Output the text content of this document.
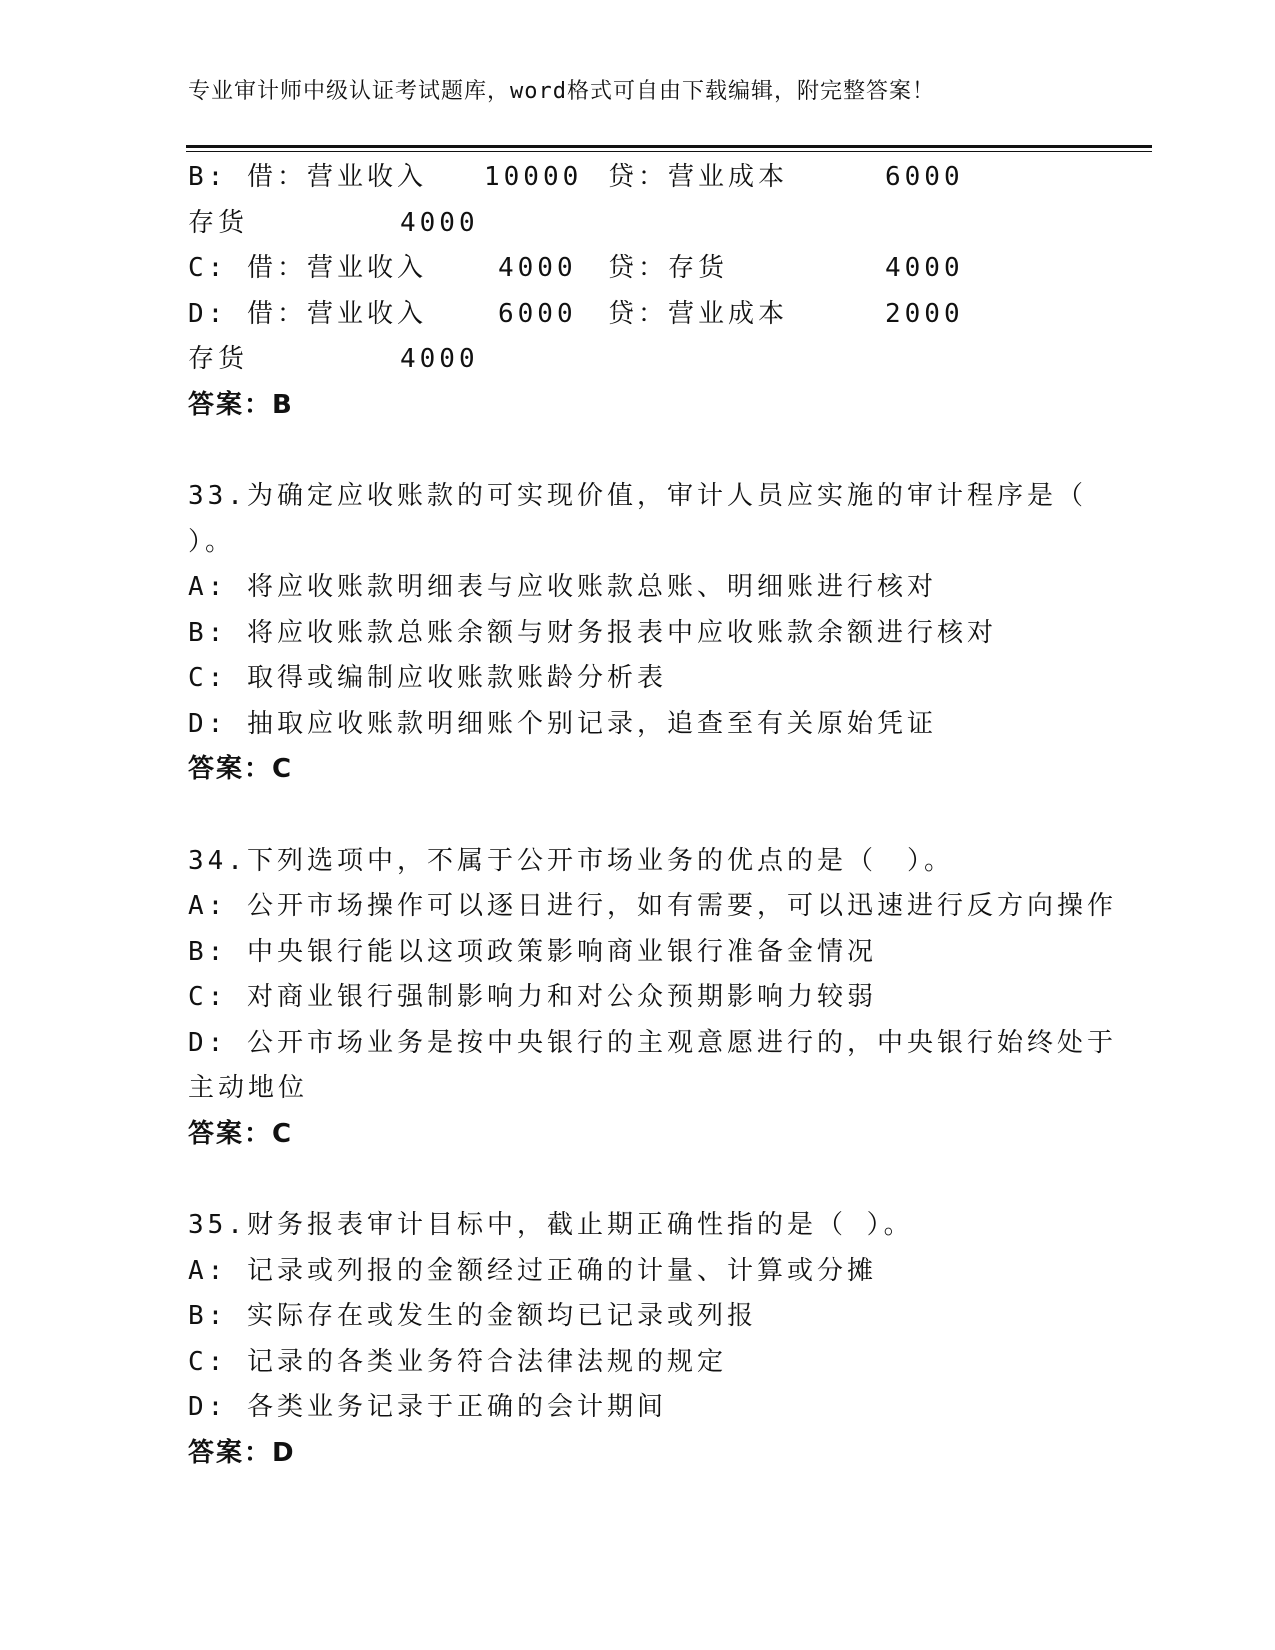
专业审计师中级认证考试题库，word格式可自由下载编辑，附完整答案！
B: 借：营业收入 10000 贷：营业成本	6000
存货	4000
C: 借：营业收入	4000 贷：存货	4000
D: 借：营业收入	6000 贷：营业成本	2000
存货	4000
答案：B
33.为确定应收账款的可实现价值，审计人员应实施的审计程序是（
）。
A: 将应收账款明细表与应收账款总账、明细账进行核对
B: 将应收账款总账余额与财务报表中应收账款余额进行核对
C: 取得或编制应收账款账龄分析表
D: 抽取应收账款明细账个别记录，追查至有关原始凭证
答案：C
34.下列选项中，不属于公开市场业务的优点的是（　）。
A: 公开市场操作可以逐日进行，如有需要，可以迅速进行反方向操作
B: 中央银行能以这项政策影响商业银行准备金情况
C: 对商业银行强制影响力和对公众预期影响力较弱
D: 公开市场业务是按中央银行的主观意愿进行的，中央银行始终处于
主动地位
答案：C
35.财务报表审计目标中，截止期正确性指的是（ ）。
A: 记录或列报的金额经过正确的计量、计算或分摊
B: 实际存在或发生的金额均已记录或列报
C: 记录的各类业务符合法律法规的规定
D: 各类业务记录于正确的会计期间
答案：D
